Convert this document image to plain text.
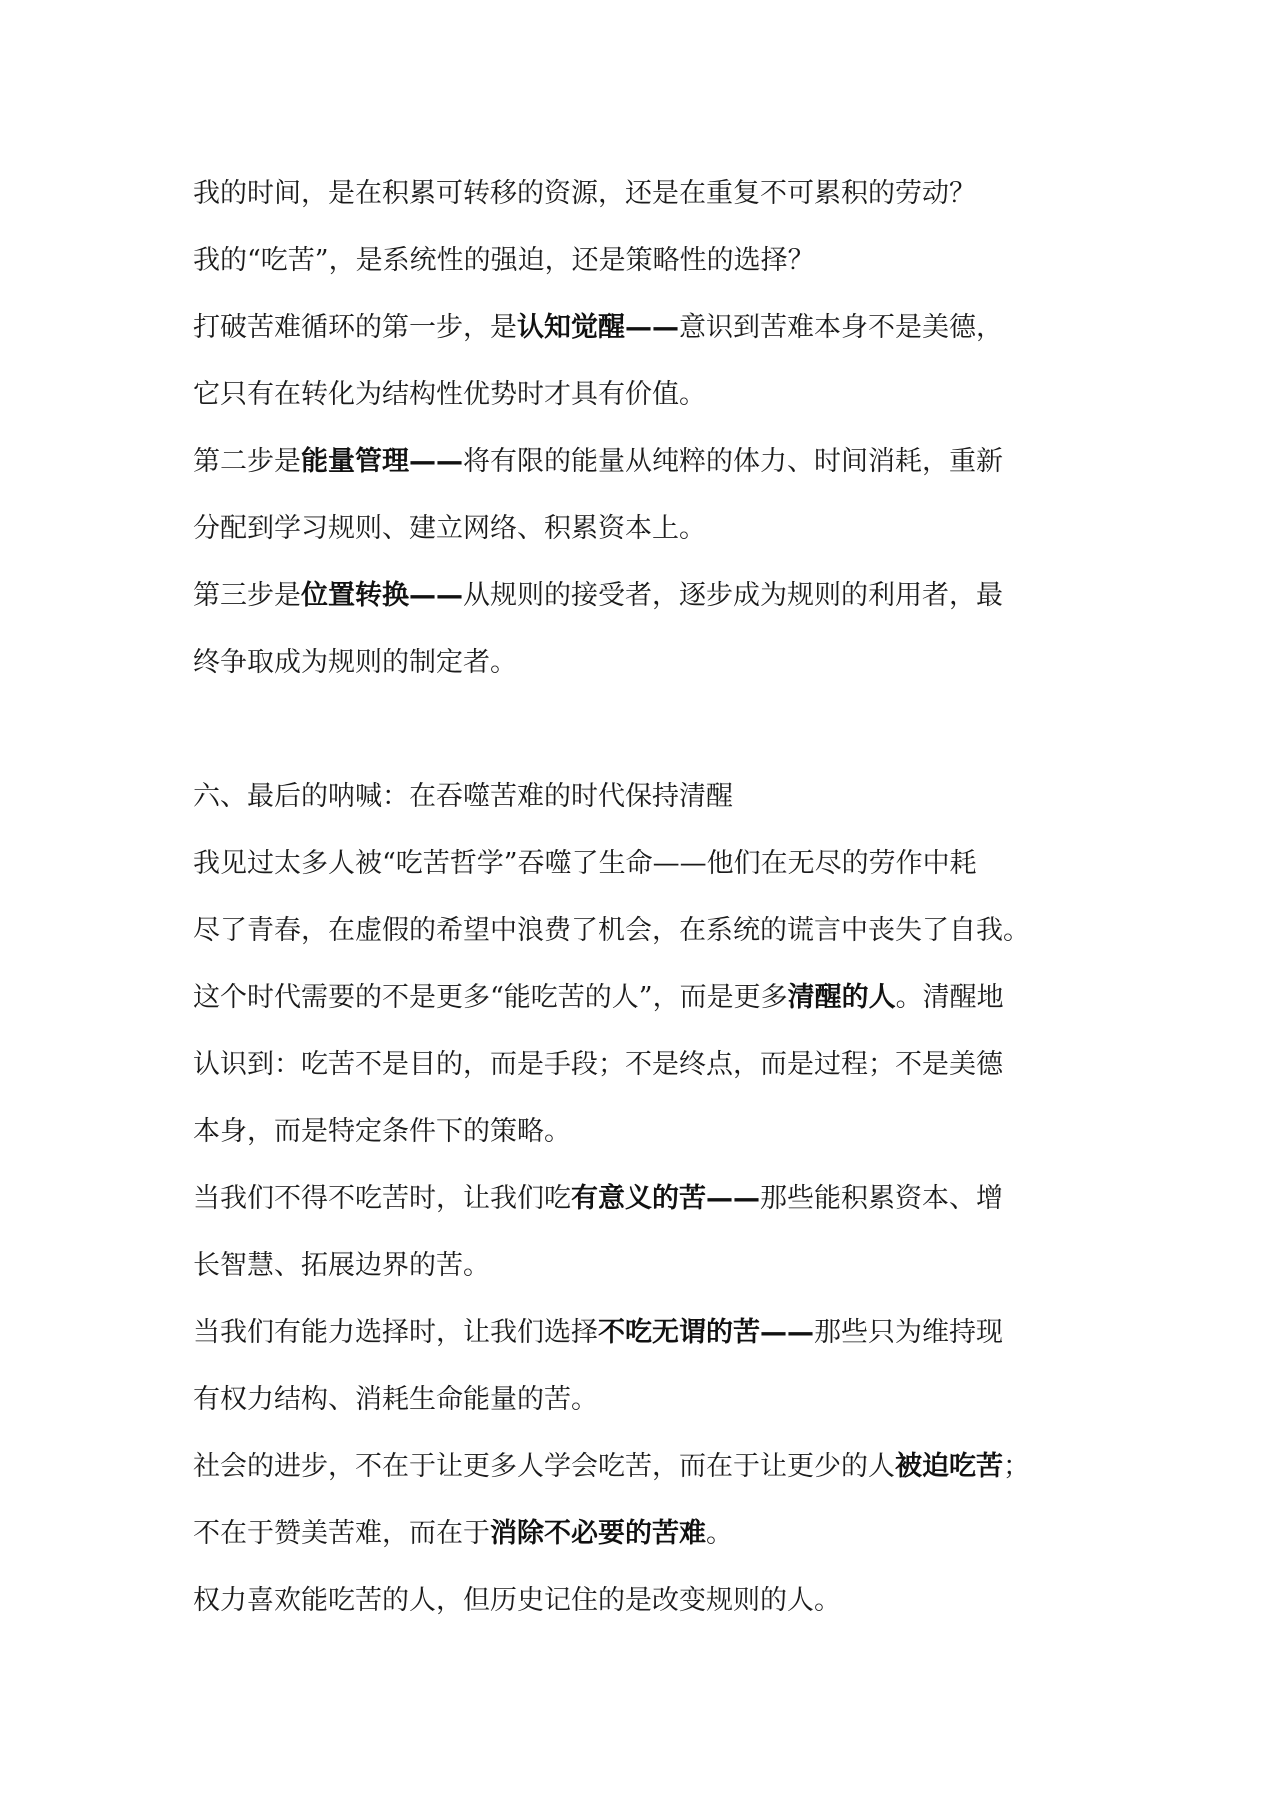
我的时间，是在积累可转移的资源，还是在重复不可累积的劳动？
我的“吃苦”，是系统性的强迫，还是策略性的选择？
打破苦难循环的第一步，是认知觉醒——意识到苦难本身不是美德，
它只有在转化为结构性优势时才具有价值。
第二步是能量管理——将有限的能量从纯粹的体力、时间消耗，重新
分配到学习规则、建立网络、积累资本上。
第三步是位置转换——从规则的接受者，逐步成为规则的利用者，最
终争取成为规则的制定者。
六、最后的呐喊：在吞噬苦难的时代保持清醒
我见过太多人被“吃苦哲学”吞噬了生命——他们在无尽的劳作中耗
尽了青春，在虚假的希望中浪费了机会，在系统的谎言中丧失了自我。
这个时代需要的不是更多“能吃苦的人”，而是更多清醒的人。清醒地
认识到：吃苦不是目的，而是手段；不是终点，而是过程；不是美德
本身，而是特定条件下的策略。
当我们不得不吃苦时，让我们吃有意义的苦——那些能积累资本、增
长智慧、拓展边界的苦。
当我们有能力选择时，让我们选择不吃无谓的苦——那些只为维持现
有权力结构、消耗生命能量的苦。
社会的进步，不在于让更多人学会吃苦，而在于让更少的人被迫吃苦；
不在于赞美苦难，而在于消除不必要的苦难。
权力喜欢能吃苦的人，但历史记住的是改变规则的人。
